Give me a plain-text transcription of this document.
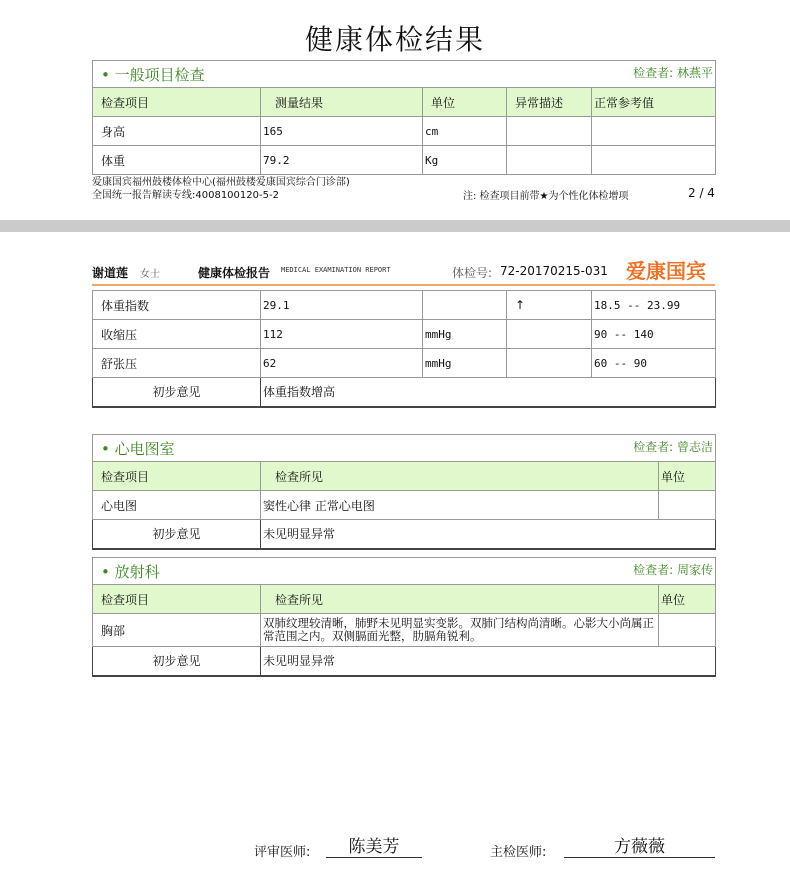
健康体检结果
• 一般项目检查 检查者: 林燕平				

检查项目	测量结果	单位	异常描述	正常参考值
身高	165	cm		
体重	79.2	Kg		
爱康国宾福州鼓楼体检中心(福州鼓楼爱康国宾综合门诊部)
全国统一报告解读专线:4008100120-5-2	注: 检查项目前带★为个性化体检增项	2 / 4
谢道莲 女士	健康体检报告 MEDICAL EXAMINATION REPORT	体检号: 72-20170215-031 爱康国宾
体重指数	29.1		↑	18.5 -- 23.99
收缩压	112	mmHg		90 -- 140
舒张压	62	mmHg		60 -- 90
初步意见	体重指数增高			
• 心电图室 检查者: 曾志洁		

检查项目	检查所见	单位
心电图	窦性心律 正常心电图	
初步意见	未见明显异常	
• 放射科 检查者: 周家传		

检查项目	检查所见	单位
胸部	双肺纹理较清晰，肺野未见明显实变影。双肺门结构尚清晰。心影大小尚属正常范围之内。双侧膈面光整，肋膈角锐利。	
初步意见	未见明显异常	
评审医师:	陈美芳	主检医师:	方薇薇
